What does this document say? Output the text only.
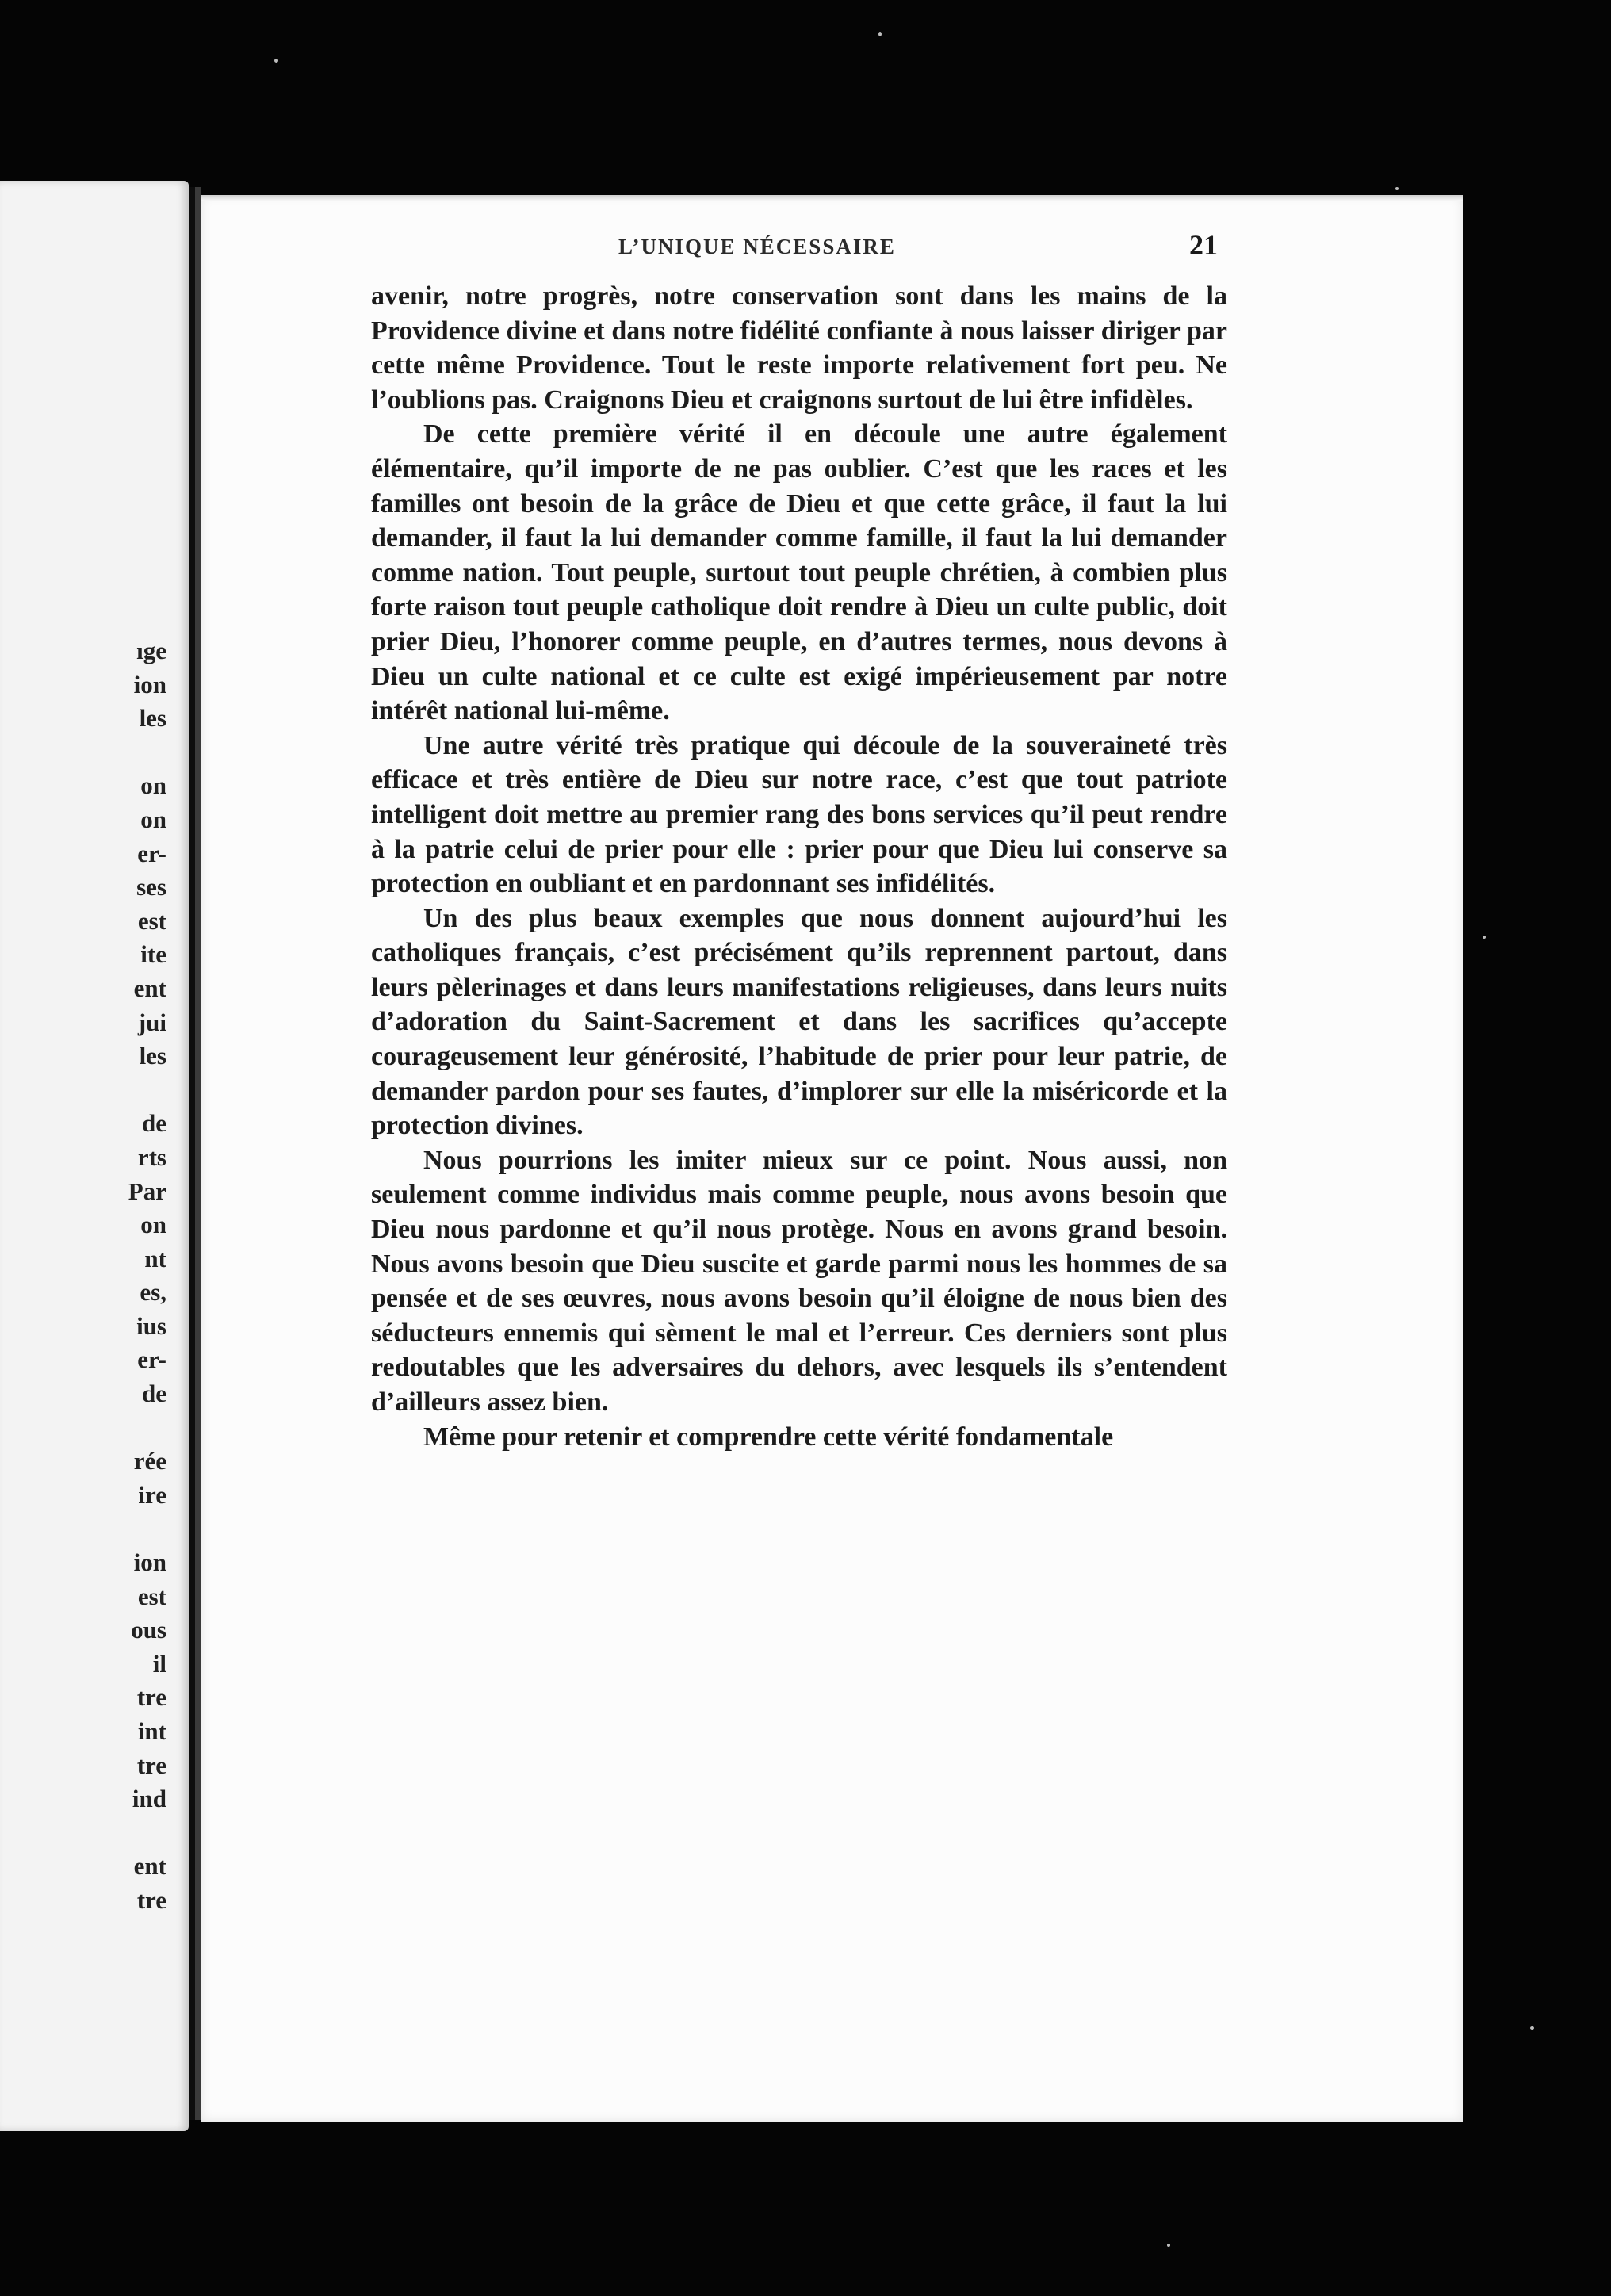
ıge
ion
les
on
on
er-
ses
est
ite
ent
jui
les
de
rts
Par
on
nt
es,
ius
er-
de
rée
ire
ion
est
ous
il
tre
int
tre
ind
ent
tre
L’UNIQUE NÉCESSAIRE	21

avenir, notre progrès, notre conservation sont dans les mains de la Providence divine et dans notre fidélité confiante à nous laisser diriger par cette même Providence. Tout le reste importe relativement fort peu. Ne l’oublions pas. Craignons Dieu et craignons surtout de lui être infidèles.

De cette première vérité il en découle une autre également élémentaire, qu’il importe de ne pas oublier. C’est que les races et les familles ont besoin de la grâce de Dieu et que cette grâce, il faut la lui demander, il faut la lui demander comme famille, il faut la lui demander comme nation. Tout peuple, surtout tout peuple chrétien, à combien plus forte raison tout peuple catholique doit rendre à Dieu un culte public, doit prier Dieu, l’honorer comme peuple, en d’autres termes, nous devons à Dieu un culte national et ce culte est exigé impérieusement par notre intérêt national lui-même.

Une autre vérité très pratique qui découle de la souveraineté très efficace et très entière de Dieu sur notre race, c’est que tout patriote intelligent doit mettre au premier rang des bons services qu’il peut rendre à la patrie celui de prier pour elle : prier pour que Dieu lui conserve sa protection en oubliant et en pardonnant ses infidélités.

Un des plus beaux exemples que nous donnent aujourd’hui les catholiques français, c’est précisément qu’ils reprennent partout, dans leurs pèlerinages et dans leurs manifestations religieuses, dans leurs nuits d’adoration du Saint-Sacrement et dans les sacrifices qu’accepte courageusement leur générosité, l’habitude de prier pour leur patrie, de demander pardon pour ses fautes, d’implorer sur elle la miséricorde et la protection divines.

Nous pourrions les imiter mieux sur ce point. Nous aussi, non seulement comme individus mais comme peuple, nous avons besoin que Dieu nous pardonne et qu’il nous protège. Nous en avons grand besoin. Nous avons besoin que Dieu suscite et garde parmi nous les hommes de sa pensée et de ses œuvres, nous avons besoin qu’il éloigne de nous bien des séducteurs ennemis qui sèment le mal et l’erreur. Ces derniers sont plus redoutables que les adversaires du dehors, avec lesquels ils s’entendent d’ailleurs assez bien.

Même pour retenir et comprendre cette vérité fondamentale
